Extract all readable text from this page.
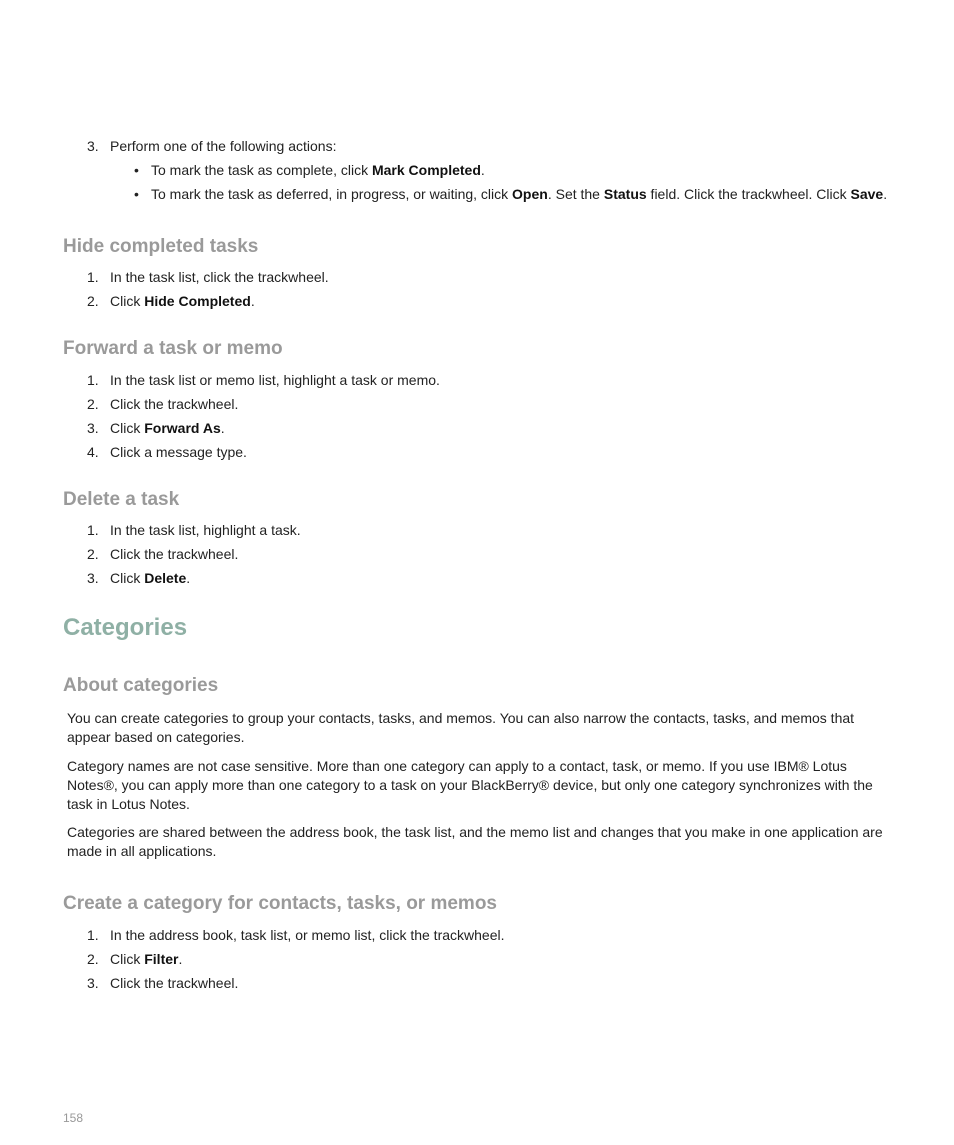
3. Perform one of the following actions:
• To mark the task as complete, click Mark Completed.
• To mark the task as deferred, in progress, or waiting, click Open. Set the Status field. Click the trackwheel. Click Save.
Hide completed tasks
1. In the task list, click the trackwheel.
2. Click Hide Completed.
Forward a task or memo
1. In the task list or memo list, highlight a task or memo.
2. Click the trackwheel.
3. Click Forward As.
4. Click a message type.
Delete a task
1. In the task list, highlight a task.
2. Click the trackwheel.
3. Click Delete.
Categories
About categories

You can create categories to group your contacts, tasks, and memos. You can also narrow the contacts, tasks, and memos that appear based on categories.

Category names are not case sensitive. More than one category can apply to a contact, task, or memo. If you use IBM® Lotus Notes®, you can apply more than one category to a task on your BlackBerry® device, but only one category synchronizes with the task in Lotus Notes.

Categories are shared between the address book, the task list, and the memo list and changes that you make in one application are made in all applications.

Create a category for contacts, tasks, or memos
1. In the address book, task list, or memo list, click the trackwheel.
2. Click Filter.
3. Click the trackwheel.
158
